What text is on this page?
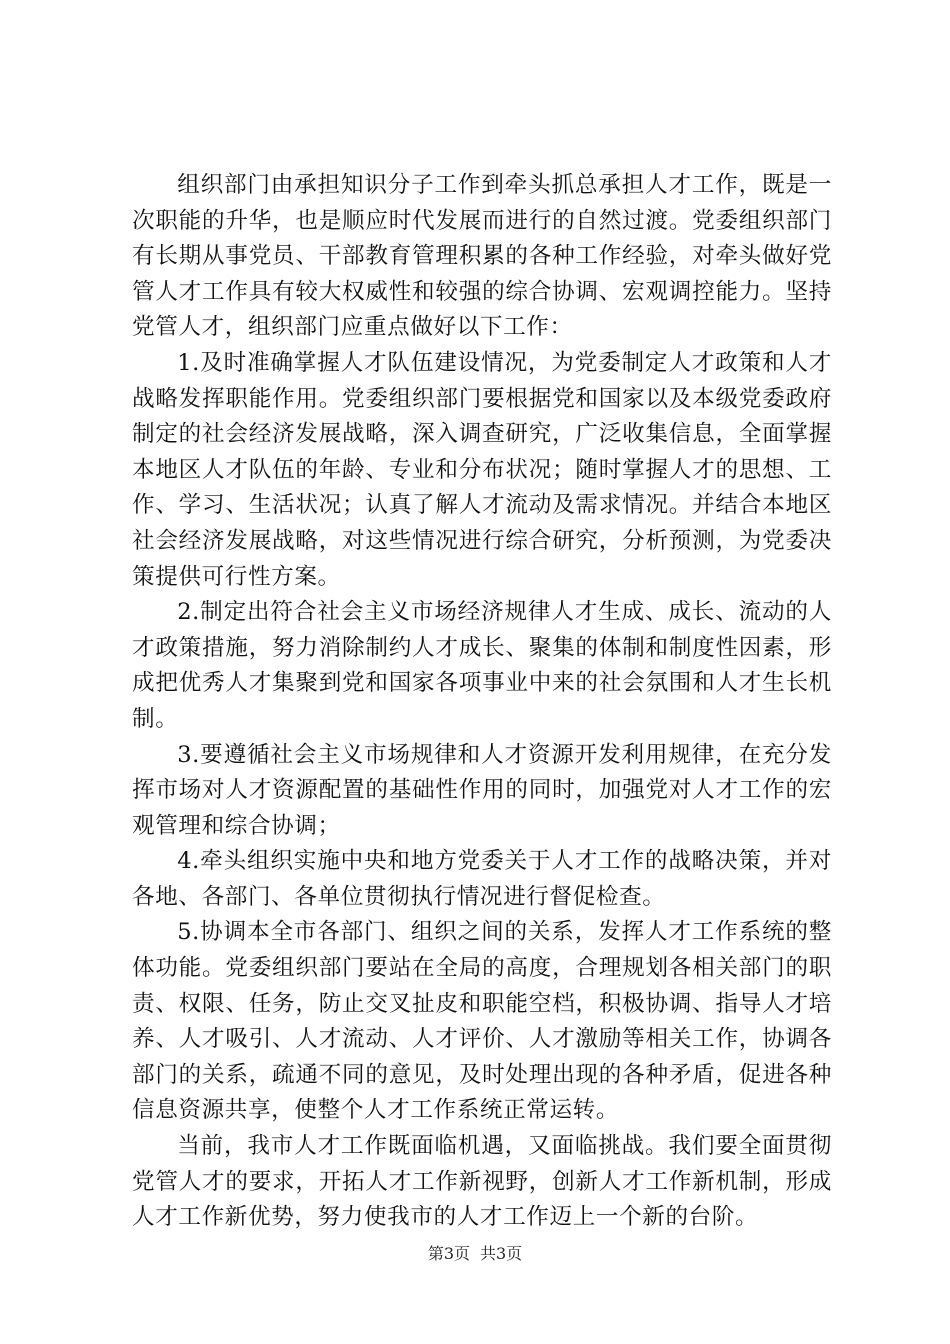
组织部门由承担知识分子工作到牵头抓总承担人才工作，既是一次职能的升华，也是顺应时代发展而进行的自然过渡。党委组织部门有长期从事党员、干部教育管理积累的各种工作经验，对牵头做好党管人才工作具有较大权威性和较强的综合协调、宏观调控能力。坚持党管人才，组织部门应重点做好以下工作：

1.及时准确掌握人才队伍建设情况，为党委制定人才政策和人才战略发挥职能作用。党委组织部门要根据党和国家以及本级党委政府制定的社会经济发展战略，深入调查研究，广泛收集信息，全面掌握本地区人才队伍的年龄、专业和分布状况；随时掌握人才的思想、工作、学习、生活状况；认真了解人才流动及需求情况。并结合本地区社会经济发展战略，对这些情况进行综合研究，分析预测，为党委决策提供可行性方案。

2.制定出符合社会主义市场经济规律人才生成、成长、流动的人才政策措施，努力消除制约人才成长、聚集的体制和制度性因素，形成把优秀人才集聚到党和国家各项事业中来的社会氛围和人才生长机制。

3.要遵循社会主义市场规律和人才资源开发利用规律，在充分发挥市场对人才资源配置的基础性作用的同时，加强党对人才工作的宏观管理和综合协调；

4.牵头组织实施中央和地方党委关于人才工作的战略决策，并对各地、各部门、各单位贯彻执行情况进行督促检查。

5.协调本全市各部门、组织之间的关系，发挥人才工作系统的整体功能。党委组织部门要站在全局的高度，合理规划各相关部门的职责、权限、任务，防止交叉扯皮和职能空档，积极协调、指导人才培养、人才吸引、人才流动、人才评价、人才激励等相关工作，协调各部门的关系，疏通不同的意见，及时处理出现的各种矛盾，促进各种信息资源共享，使整个人才工作系统正常运转。

当前，我市人才工作既面临机遇，又面临挑战。我们要全面贯彻党管人才的要求，开拓人才工作新视野，创新人才工作新机制，形成人才工作新优势，努力使我市的人才工作迈上一个新的台阶。

第3页 共3页
